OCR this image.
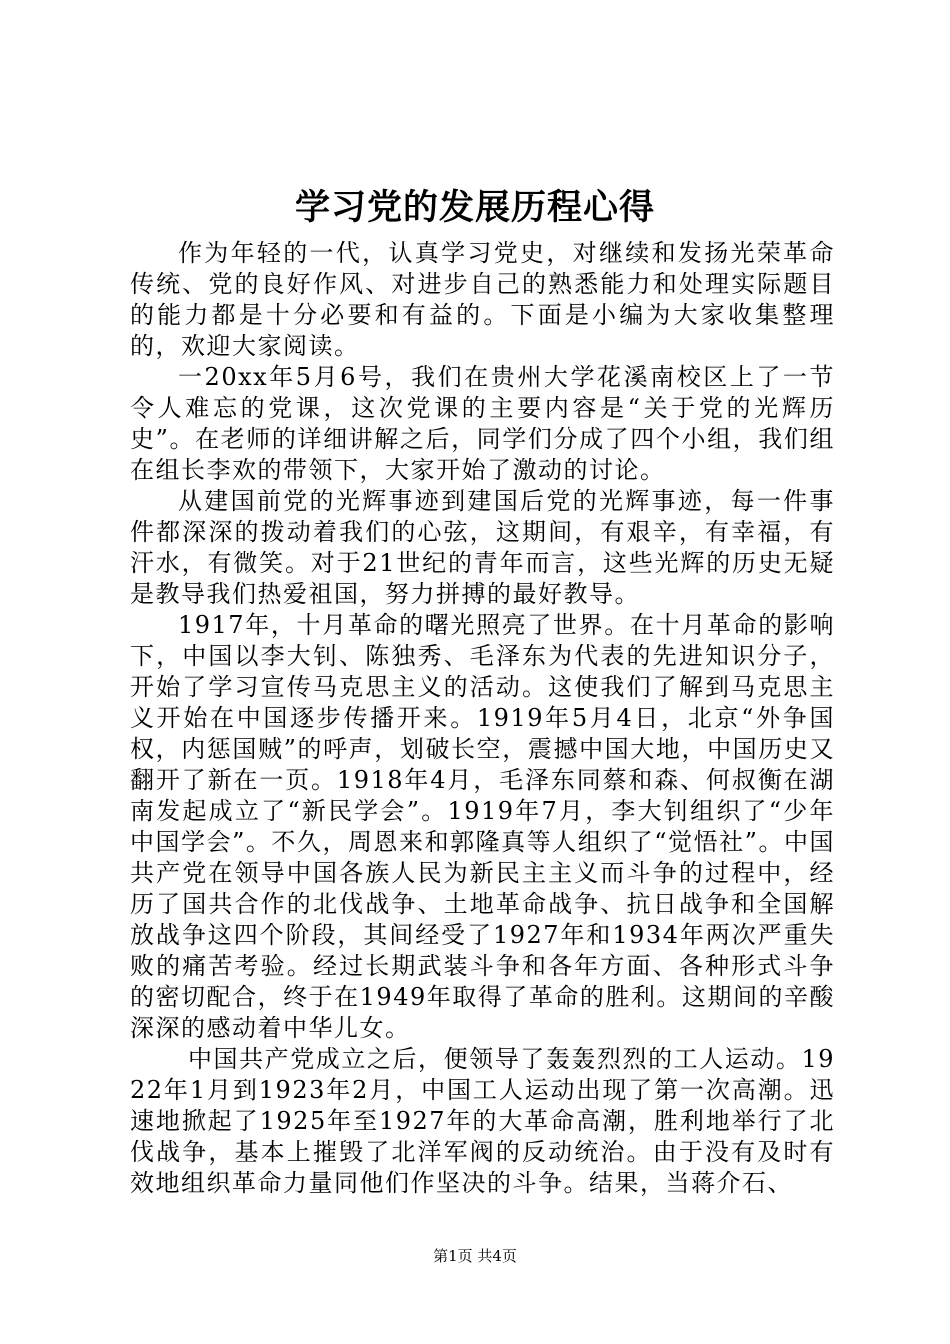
学习党的发展历程心得

作为年轻的一代，认真学习党史，对继续和发扬光荣革命传统、党的良好作风、对进步自己的熟悉能力和处理实际题目的能力都是十分必要和有益的。下面是小编为大家收集整理的，欢迎大家阅读。

一20xx年5月6号，我们在贵州大学花溪南校区上了一节令人难忘的党课，这次党课的主要内容是“关于党的光辉历史”。在老师的详细讲解之后，同学们分成了四个小组，我们组在组长李欢的带领下，大家开始了激动的讨论。

从建国前党的光辉事迹到建国后党的光辉事迹，每一件事件都深深的拨动着我们的心弦，这期间，有艰辛，有幸福，有汗水，有微笑。对于21世纪的青年而言，这些光辉的历史无疑是教导我们热爱祖国，努力拼搏的最好教导。

1917年，十月革命的曙光照亮了世界。在十月革命的影响下，中国以李大钊、陈独秀、毛泽东为代表的先进知识分子，开始了学习宣传马克思主义的活动。这使我们了解到马克思主义开始在中国逐步传播开来。1919年5月4日，北京“外争国权，内惩国贼”的呼声，划破长空，震撼中国大地，中国历史又翻开了新在一页。1918年4月，毛泽东同蔡和森、何叔衡在湖南发起成立了“新民学会”。1919年7月，李大钊组织了“少年中国学会”。不久，周恩来和郭隆真等人组织了“觉悟社”。中国共产党在领导中国各族人民为新民主主义而斗争的过程中，经历了国共合作的北伐战争、土地革命战争、抗日战争和全国解放战争这四个阶段，其间经受了1927年和1934年两次严重失败的痛苦考验。经过长期武装斗争和各年方面、各种形式斗争的密切配合，终于在1949年取得了革命的胜利。这期间的辛酸深深的感动着中华儿女。

中国共产党成立之后，便领导了轰轰烈烈的工人运动。1922年1月到1923年2月，中国工人运动出现了第一次高潮。迅速地掀起了1925年至1927年的大革命高潮，胜利地举行了北伐战争，基本上摧毁了北洋军阀的反动统治。由于没有及时有效地组织革命力量同他们作坚决的斗争。结果，当蒋介石、

第1页 共4页
